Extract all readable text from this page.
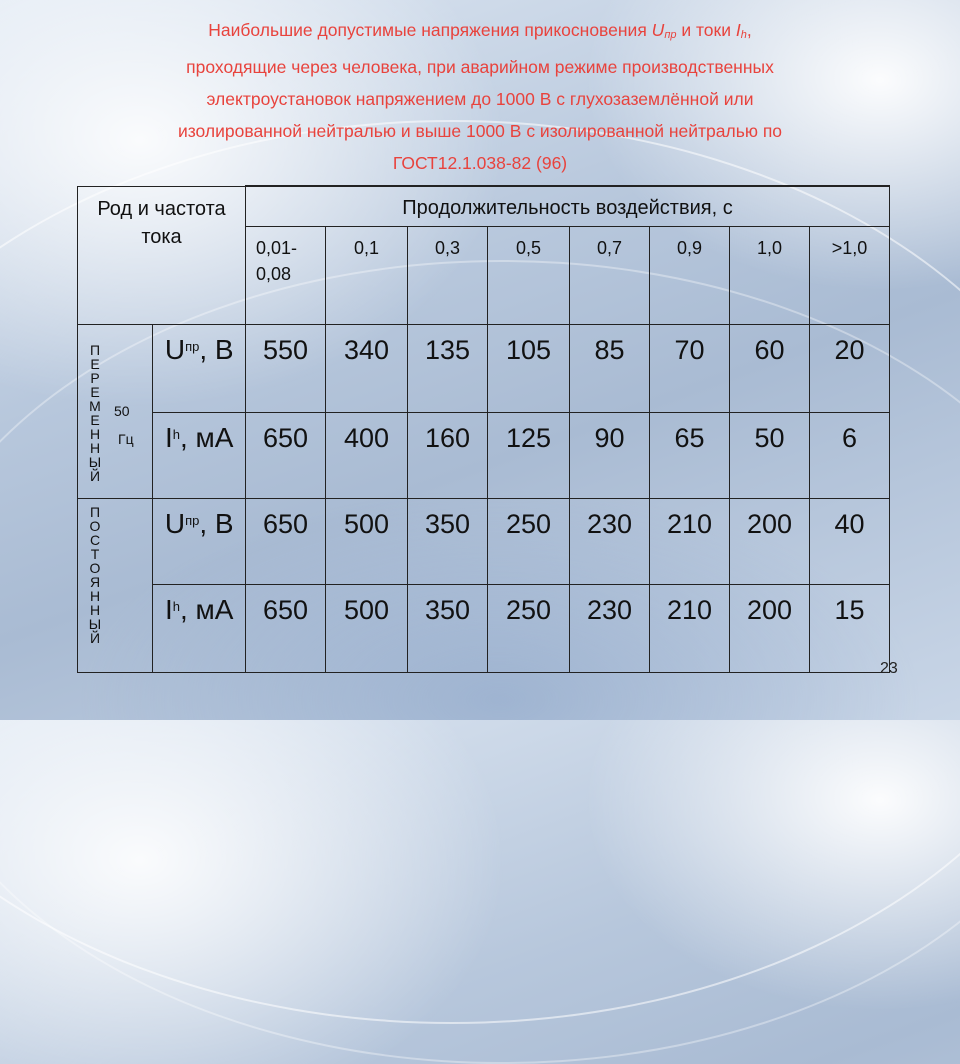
Наибольшие допустимые напряжения прикосновения Uпр и токи Ih,
проходящие через человека, при аварийном режиме производственных
электроустановок напряжением до 1000 В с глухозаземлённой или
изолированной нейтралью и выше 1000 В с изолированной нейтралью по
ГОСТ12.1.038-82 (96)
Род и частота тока		Продолжительность воздействия, с							
		0,01-0,08	0,1	0,3	0,5	0,7	0,9	1,0	>1,0

ПЕРЕМЕННЫЙ
50
Гц	$U^{пр}$, В	550	340	135	105	85	70	60	20
	$I^h$, мА	650	400	160	125	90	65	50	6

ПОСТОЯННЫЙ	$U^{пр}$, В	650	500	350	250	230	210	200	40
	$I^h$, мА	650	500	350	250	230	210	200	15
23
